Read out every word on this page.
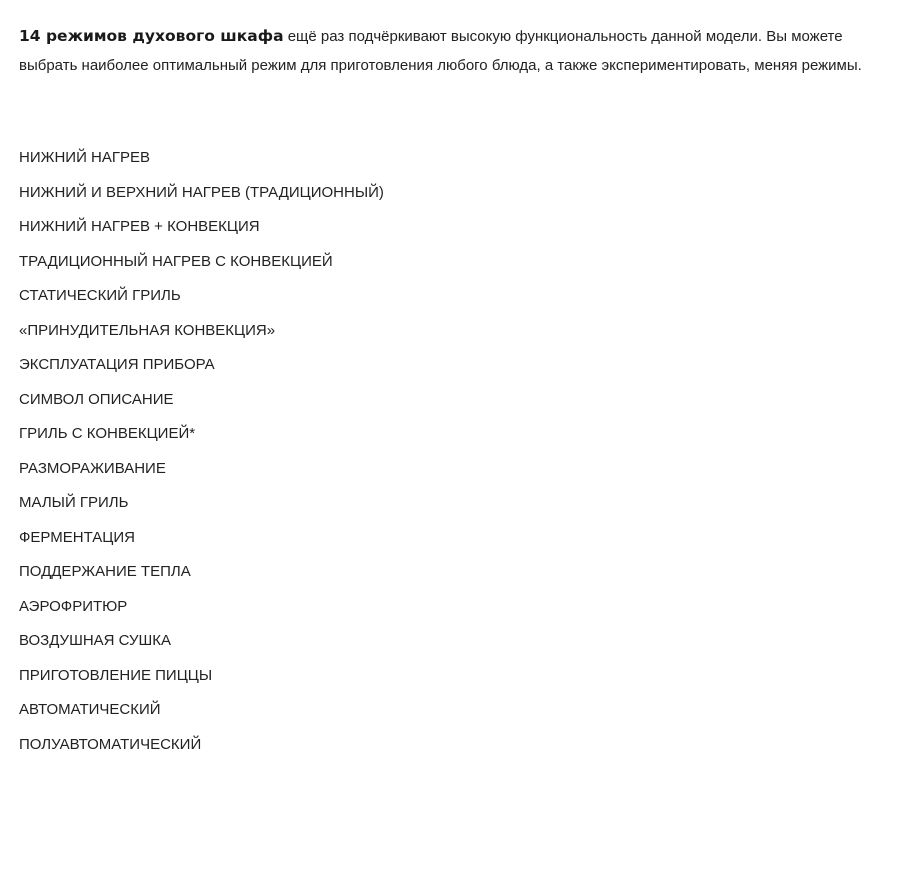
14 режимов духового шкафа ещё раз подчёркивают высокую функциональность данной модели. Вы можете выбрать наиболее оптимальный режим для приготовления любого блюда, а также экспериментировать, меняя режимы.

НИЖНИЙ НАГРЕВ
НИЖНИЙ И ВЕРХНИЙ НАГРЕВ (ТРАДИЦИОННЫЙ)
НИЖНИЙ НАГРЕВ + КОНВЕКЦИЯ
ТРАДИЦИОННЫЙ НАГРЕВ С КОНВЕКЦИЕЙ
СТАТИЧЕСКИЙ ГРИЛЬ
«ПРИНУДИТЕЛЬНАЯ КОНВЕКЦИЯ»
ЭКСПЛУАТАЦИЯ ПРИБОРА
СИМВОЛ ОПИСАНИЕ
ГРИЛЬ С КОНВЕКЦИЕЙ*
РАЗМОРАЖИВАНИЕ
МАЛЫЙ ГРИЛЬ
ФЕРМЕНТАЦИЯ
ПОДДЕРЖАНИЕ ТЕПЛА
АЭРОФРИТЮР
ВОЗДУШНАЯ СУШКА
ПРИГОТОВЛЕНИЕ ПИЦЦЫ
АВТОМАТИЧЕСКИЙ
ПОЛУАВТОМАТИЧЕСКИЙ
